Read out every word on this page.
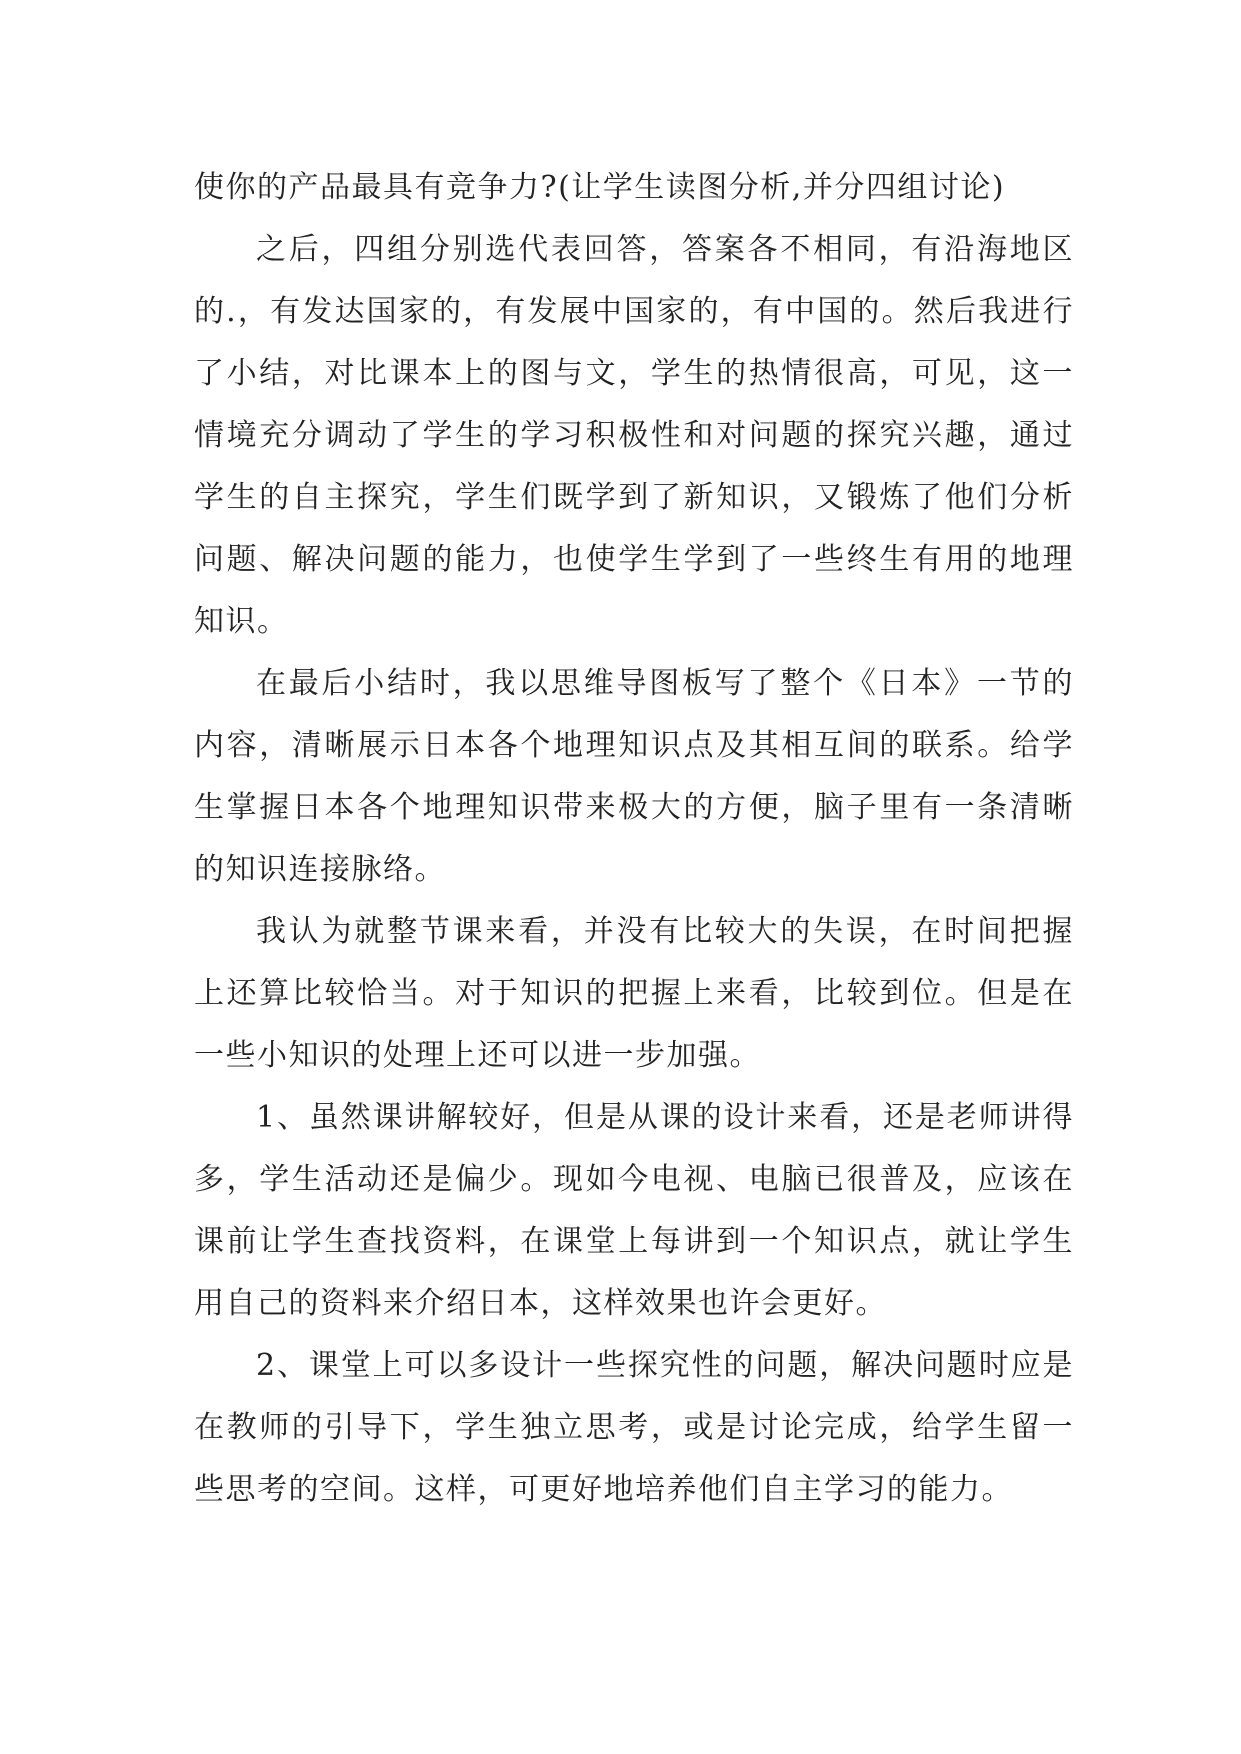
使你的产品最具有竞争力?(让学生读图分析,并分四组讨论)

之后，四组分别选代表回答，答案各不相同，有沿海地区的.，有发达国家的，有发展中国家的，有中国的。然后我进行了小结，对比课本上的图与文，学生的热情很高，可见，这一情境充分调动了学生的学习积极性和对问题的探究兴趣，通过学生的自主探究，学生们既学到了新知识，又锻炼了他们分析问题、解决问题的能力，也使学生学到了一些终生有用的地理知识。

在最后小结时，我以思维导图板写了整个《日本》一节的内容，清晰展示日本各个地理知识点及其相互间的联系。给学生掌握日本各个地理知识带来极大的方便，脑子里有一条清晰的知识连接脉络。

我认为就整节课来看，并没有比较大的失误，在时间把握上还算比较恰当。对于知识的把握上来看，比较到位。但是在一些小知识的处理上还可以进一步加强。

1、虽然课讲解较好，但是从课的设计来看，还是老师讲得多，学生活动还是偏少。现如今电视、电脑已很普及，应该在课前让学生查找资料，在课堂上每讲到一个知识点，就让学生用自己的资料来介绍日本，这样效果也许会更好。

2、课堂上可以多设计一些探究性的问题，解决问题时应是在教师的引导下，学生独立思考，或是讨论完成，给学生留一些思考的空间。这样，可更好地培养他们自主学习的能力。
